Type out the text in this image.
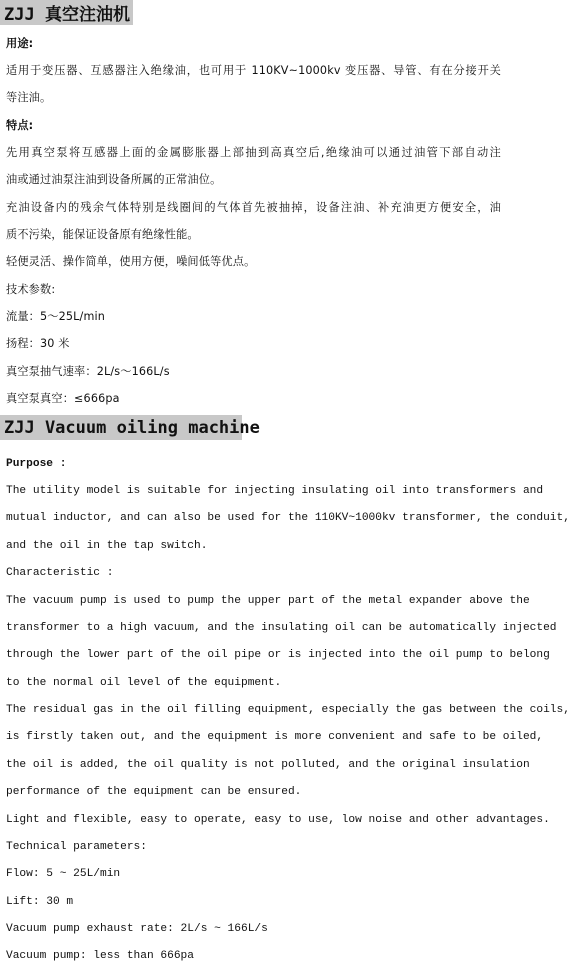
ZJJ 真空注油机
用途:
适用于变压器、互感器注入绝缘油，也可用于 110KV~1000kv 变压器、导管、有在分接开关
等注油。
特点:
先用真空泵将互感器上面的金属膨胀器上部抽到高真空后,绝缘油可以通过油管下部自动注
油或通过油泵注油到设备所属的正常油位。
充油设备内的残余气体特别是线圈间的气体首先被抽掉，设备注油、补充油更方便安全，油
质不污染，能保证设备原有绝缘性能。
轻便灵活、操作简单，使用方便，噪间低等优点。
技术参数:
流量：5～25L/min
扬程：30 米
真空泵抽气速率：2L/s～166L/s
真空泵真空：≤666pa
ZJJ Vacuum oiling machine
Purpose :
The utility model is suitable for injecting insulating oil into transformers and
mutual inductor, and can also be used for the 110KV~1000kv transformer, the conduit,
and the oil in the tap switch.
Characteristic :
The vacuum pump is used to pump the upper part of the metal expander above the
transformer to a high vacuum, and the insulating oil can be automatically injected
through the lower part of the oil pipe or is injected into the oil pump to belong
to the normal oil level of the equipment.
The residual gas in the oil filling equipment, especially the gas between the coils,
is firstly taken out, and the equipment is more convenient and safe to be oiled,
the oil is added, the oil quality is not polluted, and the original insulation
performance of the equipment can be ensured.
Light and flexible, easy to operate, easy to use, low noise and other advantages.
Technical parameters:
Flow: 5 ~ 25L/min
Lift: 30 m
Vacuum pump exhaust rate: 2L/s ~ 166L/s
Vacuum pump: less than 666pa
